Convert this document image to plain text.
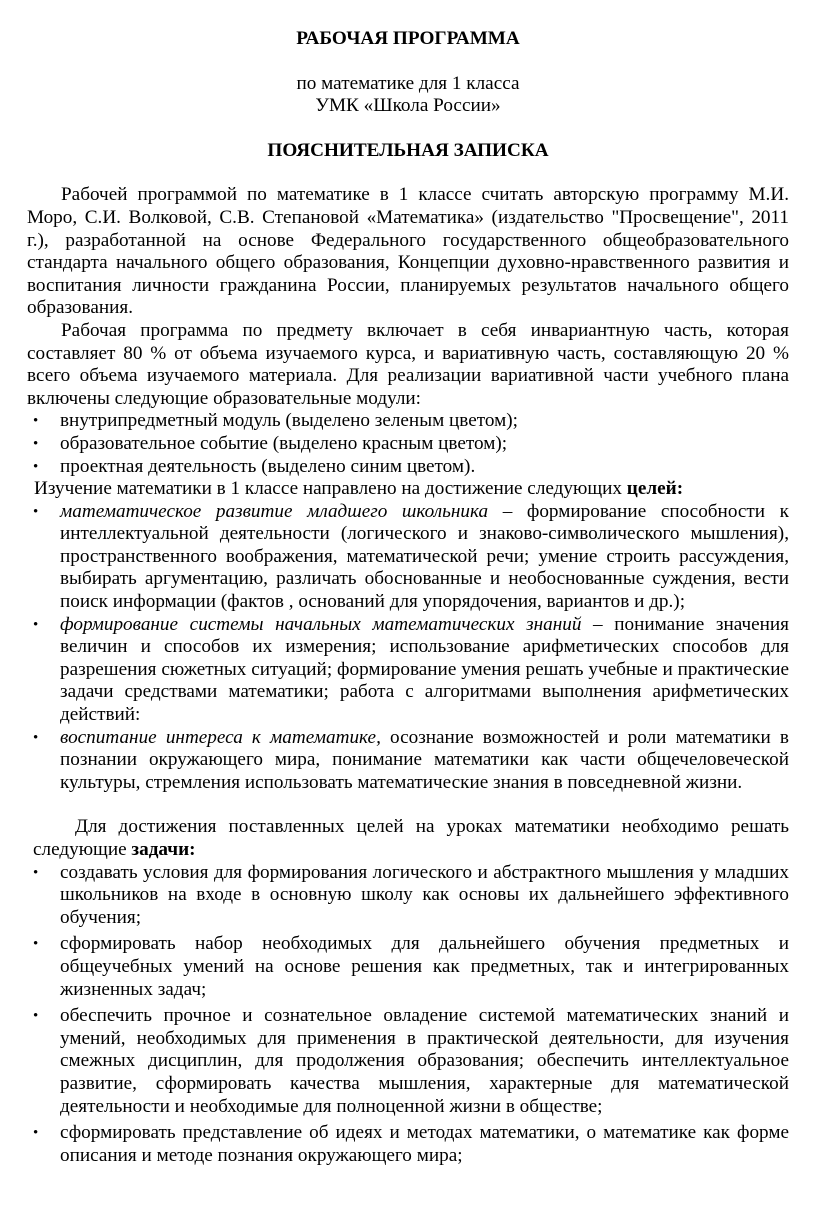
РАБОЧАЯ ПРОГРАММА
по математике для 1 класса
УМК «Школа России»
ПОЯСНИТЕЛЬНАЯ ЗАПИСКА

Рабочей программой по математике в 1 классе считать авторскую программу М.И. Моро, С.И. Волковой, С.В. Степановой «Математика» (издательство "Просвещение", 2011 г.), разработанной на основе Федерального государственного общеобразовательного стандарта начального общего образования, Концепции духовно-нравственного развития и воспитания личности гражданина России, планируемых результатов начального общего образования.

Рабочая программа по предмету включает в себя инвариантную часть, которая составляет 80 % от объема изучаемого курса, и вариативную часть, составляющую 20 % всего объема изучаемого материала. Для реализации вариативной части учебного плана включены следующие образовательные модули:

• внутрипредметный модуль (выделено зеленым цветом);
• образовательное событие (выделено красным цветом);
• проектная деятельность (выделено синим цветом).

Изучение математики в 1 классе направлено на достижение следующих целей:

• математическое развитие младшего школьника – формирование способности к интеллектуальной деятельности (логического и знаково-символического мышления), пространственного воображения, математической речи; умение строить рассуждения, выбирать аргументацию, различать обоснованные и необоснованные суждения, вести поиск информации (фактов , оснований для упорядочения, вариантов и др.);
• формирование системы начальных математических знаний – понимание значения величин и способов их измерения; использование арифметических способов для разрешения сюжетных ситуаций; формирование умения решать учебные и практические задачи средствами математики; работа с алгоритмами выполнения арифметических действий:
• воспитание интереса к математике, осознание возможностей и роли математики в познании окружающего мира, понимание математики как части общечеловеческой культуры, стремления использовать математические знания в повседневной жизни.

Для достижения поставленных целей на уроках математики необходимо решать

следующие задачи:

• создавать условия для формирования логического и абстрактного мышления у младших школьников на входе в основную школу как основы их дальнейшего эффективного обучения;
• сформировать набор необходимых для дальнейшего обучения предметных и общеучебных умений на основе решения как предметных, так и интегрированных жизненных задач;
• обеспечить прочное и сознательное овладение системой математических знаний и умений, необходимых для применения в практической деятельности, для изучения смежных дисциплин, для продолжения образования; обеспечить интеллектуальное развитие, сформировать качества мышления, характерные для математической деятельности и необходимые для полноценной жизни в обществе;
• сформировать представление об идеях и методах математики, о математике как форме описания и методе познания окружающего мира;
